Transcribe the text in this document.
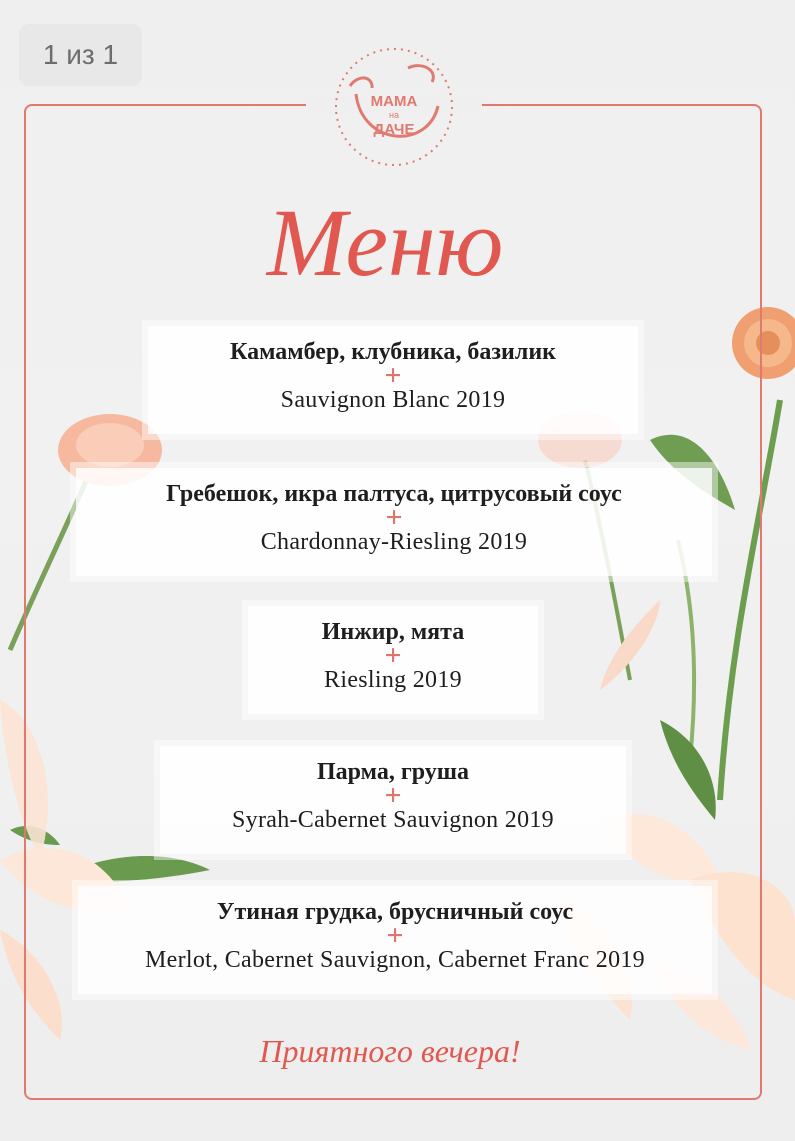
1 из 1
МАМА
на
ДАЧЕ
Меню
Камамбер, клубника, базилик
+
Sauvignon Blanc 2019
Гребешок, икра палтуса, цитрусовый соус
+
Chardonnay-Riesling 2019
Инжир, мята
+
Riesling 2019
Парма, груша
+
Syrah-Cabernet Sauvignon 2019
Утиная грудка, брусничный соус
+
Merlot, Cabernet Sauvignon, Cabernet Franc 2019
Приятного вечера!
